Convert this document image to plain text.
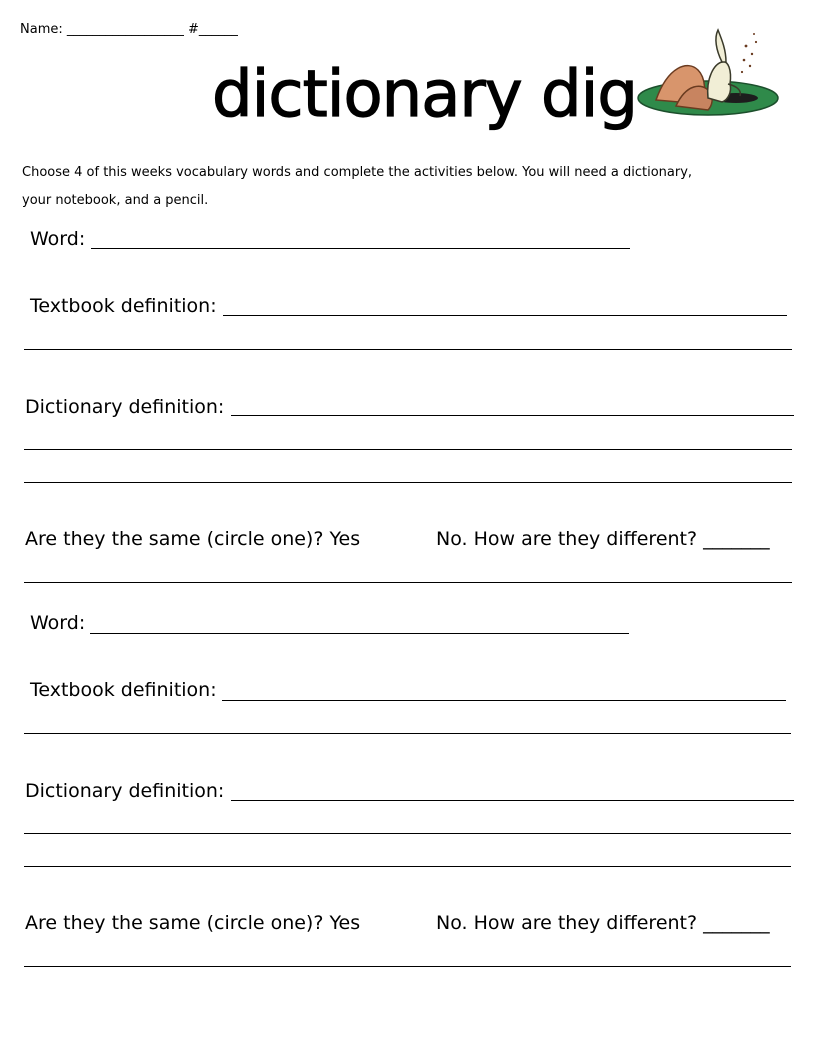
Name: __________________ #______
dictionary dig
Choose 4 of this weeks vocabulary words and complete the activities below. You will need a dictionary,
your notebook, and a pencil.
Word:
Textbook definition:
Dictionary definition:
Are they the same (circle one)? Yes	No. How are they different? _______
Word:
Textbook definition:
Dictionary definition:
Are they the same (circle one)? Yes	No. How are they different? _______
